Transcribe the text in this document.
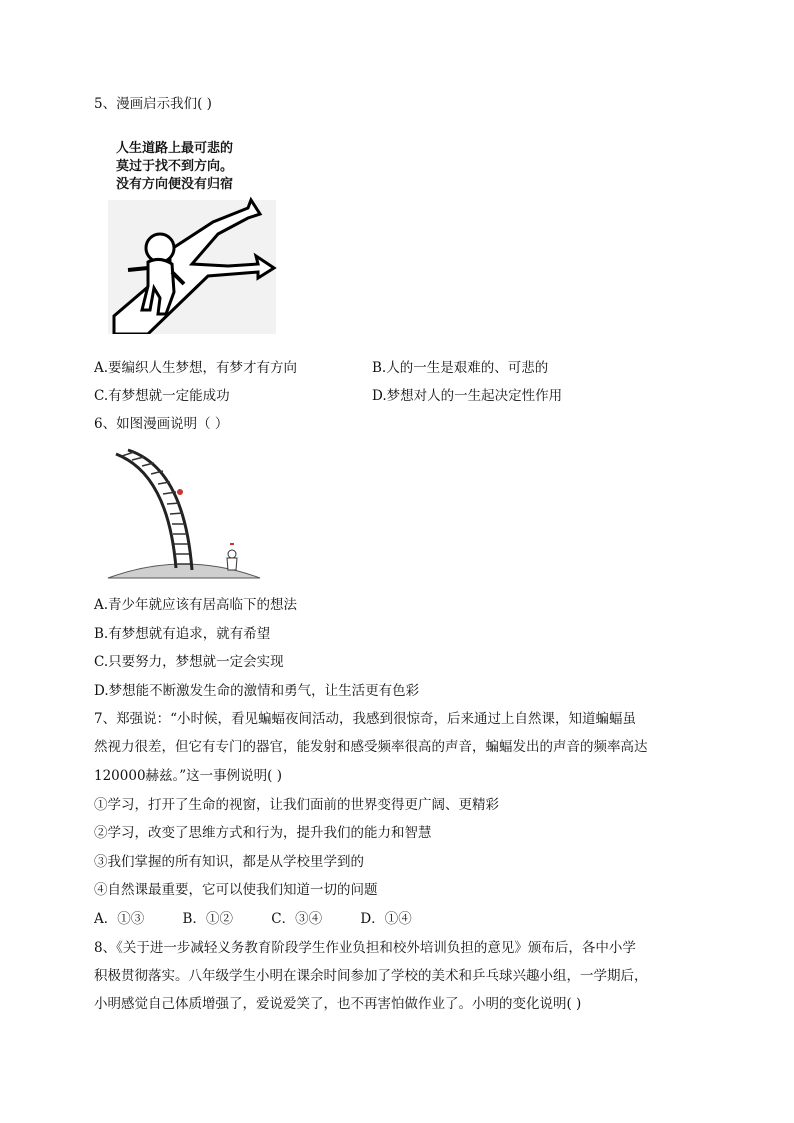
5、漫画启示我们( )
人生道路上最可悲的
莫过于找不到方向。
没有方向便没有归宿
A.要编织人生梦想，有梦才有方向	B.人的一生是艰难的、可悲的
C.有梦想就一定能成功	D.梦想对人的一生起决定性作用
6、如图漫画说明（ ）
A.青少年就应该有居高临下的想法
B.有梦想就有追求，就有希望
C.只要努力，梦想就一定会实现
D.梦想能不断激发生命的激情和勇气，让生活更有色彩
7、郑强说：“小时候，看见蝙蝠夜间活动，我感到很惊奇，后来通过上自然课，知道蝙蝠虽
然视力很差，但它有专门的器官，能发射和感受频率很高的声音，蝙蝠发出的声音的频率高达
120000赫兹。”这一事例说明( )
①学习，打开了生命的视窗，让我们面前的世界变得更广阔、更精彩
②学习，改变了思维方式和行为，提升我们的能力和智慧
③我们掌握的所有知识，都是从学校里学到的
④自然课最重要，它可以使我们知道一切的问题
A．①③	B．①②	C．③④	D．①④
8、《关于进一步减轻义务教育阶段学生作业负担和校外培训负担的意见》颁布后，各中小学
积极贯彻落实。八年级学生小明在课余时间参加了学校的美术和乒乓球兴趣小组，一学期后，
小明感觉自己体质增强了，爱说爱笑了，也不再害怕做作业了。小明的变化说明( )
